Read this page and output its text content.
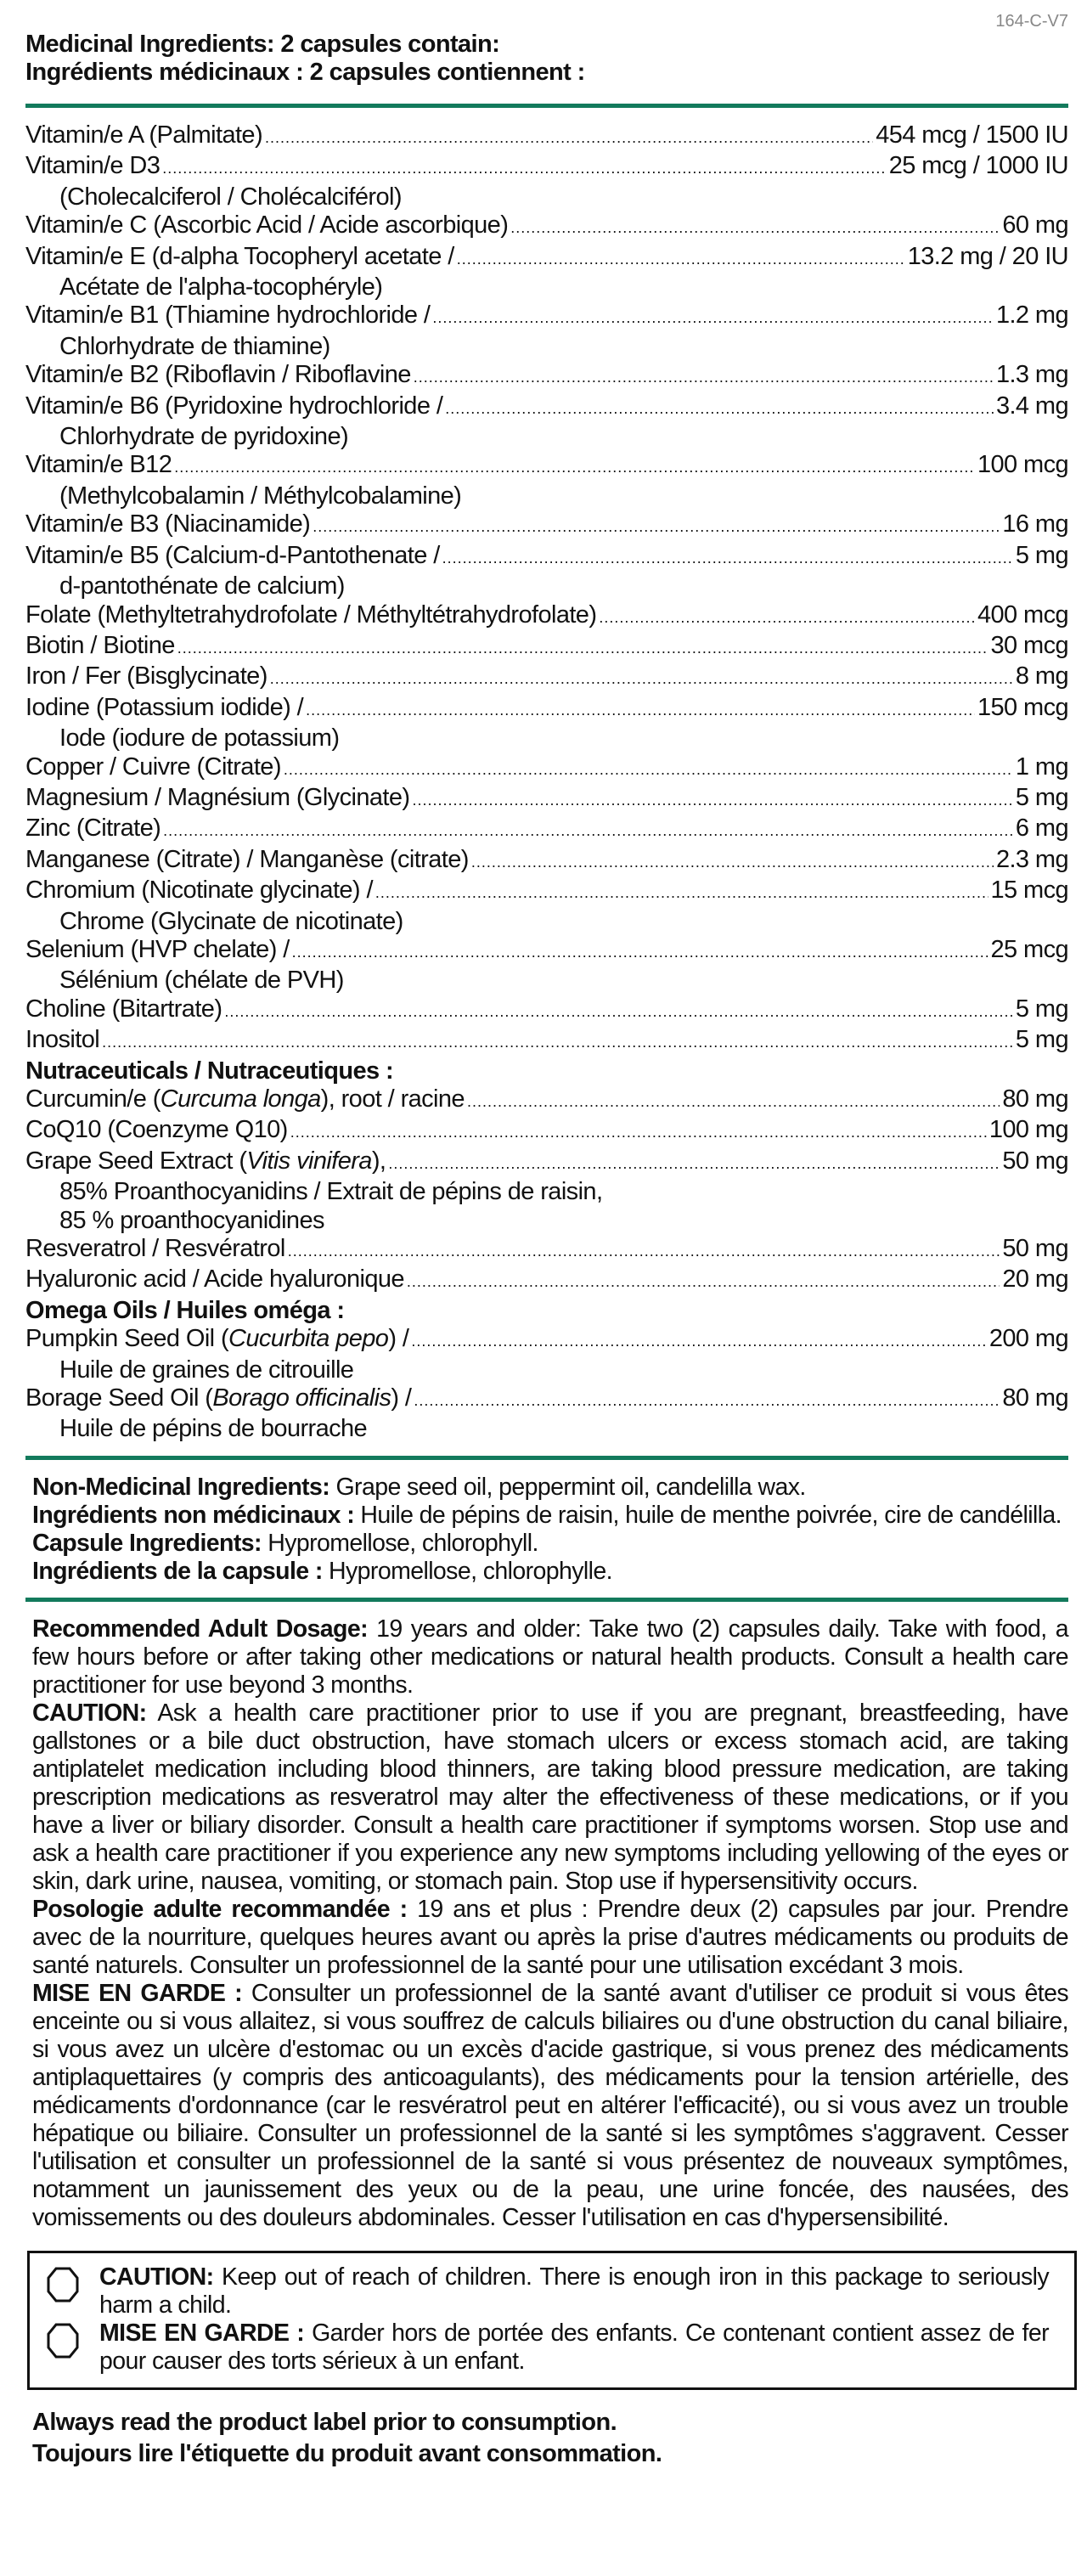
164-C-V7
Medicinal Ingredients: 2 capsules contain:
Ingrédients médicinaux : 2 capsules contiennent :
Vitamin/e A (Palmitate) .....	454 mcg / 1500 IU
Vitamin/e D3 .....	25 mcg / 1000 IU
(Cholecalciferol / Cholécalciférol)
Vitamin/e C (Ascorbic Acid / Acide ascorbique) .....	60 mg
Vitamin/e E (d-alpha Tocopheryl acetate / .....	13.2 mg / 20 IU
Acétate de l'alpha-tocophéryle)
Vitamin/e B1 (Thiamine hydrochloride / .....	1.2 mg
Chlorhydrate de thiamine)
Vitamin/e B2 (Riboflavin / Riboflavine .....	1.3 mg
Vitamin/e B6 (Pyridoxine hydrochloride / .....	3.4 mg
Chlorhydrate de pyridoxine)
Vitamin/e B12 .....	100 mcg
(Methylcobalamin / Méthylcobalamine)
Vitamin/e B3 (Niacinamide) .....	16 mg
Vitamin/e B5 (Calcium-d-Pantothenate / .....	5 mg
d-pantothénate de calcium)
Folate (Methyltetrahydrofolate / Méthyltétrahydrofolate) .....	400 mcg
Biotin / Biotine .....	30 mcg
Iron / Fer (Bisglycinate) .....	8 mg
Iodine (Potassium iodide) / .....	150 mcg
Iode (iodure de potassium)
Copper / Cuivre (Citrate) .....	1 mg
Magnesium / Magnésium (Glycinate) .....	5 mg
Zinc (Citrate) .....	6 mg
Manganese (Citrate) / Manganèse (citrate) .....	2.3 mg
Chromium (Nicotinate glycinate) / .....	15 mcg
Chrome (Glycinate de nicotinate)
Selenium (HVP chelate) / .....	25 mcg
Sélénium (chélate de PVH)
Choline (Bitartrate) .....	5 mg
Inositol .....	5 mg
Nutraceuticals / Nutraceutiques :
Curcumin/e (Curcuma longa), root / racine .....	80 mg
CoQ10 (Coenzyme Q10) .....	100 mg
Grape Seed Extract (Vitis vinifera), .....	50 mg
85% Proanthocyanidins / Extrait de pépins de raisin,
85 % proanthocyanidines
Resveratrol / Resvératrol .....	50 mg
Hyaluronic acid / Acide hyaluronique .....	20 mg
Omega Oils / Huiles oméga :
Pumpkin Seed Oil (Cucurbita pepo) / .....	200 mg
Huile de graines de citrouille
Borage Seed Oil (Borago officinalis) / .....	80 mg
Huile de pépins de bourrache
Non-Medicinal Ingredients: Grape seed oil, peppermint oil, candelilla wax.
Ingrédients non médicinaux : Huile de pépins de raisin, huile de menthe poivrée, cire de candélilla.
Capsule Ingredients: Hypromellose, chlorophyll.
Ingrédients de la capsule : Hypromellose, chlorophylle.

Recommended Adult Dosage: 19 years and older: Take two (2) capsules daily. Take with food, a few hours before or after taking other medications or natural health products. Consult a health care practitioner for use beyond 3 months.

CAUTION: Ask a health care practitioner prior to use if you are pregnant, breastfeeding, have gallstones or a bile duct obstruction, have stomach ulcers or excess stomach acid, are taking antiplatelet medication including blood thinners, are taking blood pressure medication, are taking prescription medications as resveratrol may alter the effectiveness of these medications, or if you have a liver or biliary disorder. Consult a health care practitioner if symptoms worsen. Stop use and ask a health care practitioner if you experience any new symptoms including yellowing of the eyes or skin, dark urine, nausea, vomiting, or stomach pain. Stop use if hypersensitivity occurs.

Posologie adulte recommandée : 19 ans et plus : Prendre deux (2) capsules par jour. Prendre avec de la nourriture, quelques heures avant ou après la prise d'autres médicaments ou produits de santé naturels. Consulter un professionnel de la santé pour une utilisation excédant 3 mois.

MISE EN GARDE : Consulter un professionnel de la santé avant d'utiliser ce produit si vous êtes enceinte ou si vous allaitez, si vous souffrez de calculs biliaires ou d'une obstruction du canal biliaire, si vous avez un ulcère d'estomac ou un excès d'acide gastrique, si vous prenez des médicaments antiplaquettaires (y compris des anticoagulants), des médicaments pour la tension artérielle, des médicaments d'ordonnance (car le resvératrol peut en altérer l'efficacité), ou si vous avez un trouble hépatique ou biliaire. Consulter un professionnel de la santé si les symptômes s'aggravent. Cesser l'utilisation et consulter un professionnel de la santé si vous présentez de nouveaux symptômes, notamment un jaunissement des yeux ou de la peau, une urine foncée, des nausées, des vomissements ou des douleurs abdominales. Cesser l'utilisation en cas d'hypersensibilité.

CAUTION: Keep out of reach of children. There is enough iron in this package to seriously harm a child.
MISE EN GARDE : Garder hors de portée des enfants. Ce contenant contient assez de fer pour causer des torts sérieux à un enfant.
Always read the product label prior to consumption.
Toujours lire l'étiquette du produit avant consommation.
